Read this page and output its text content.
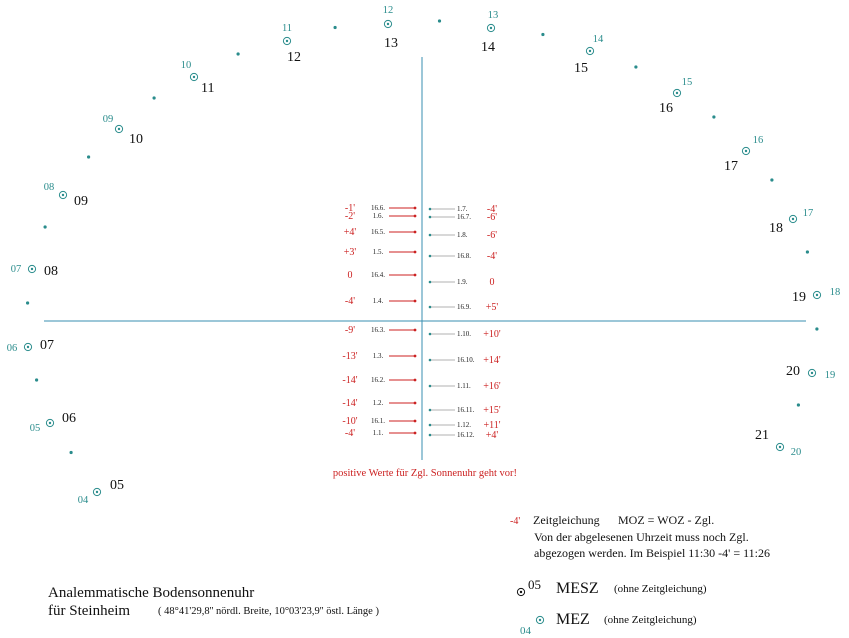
05
04
06
05
07
06
08
07
09
08
10
09
11
10
12
11
13
12
14
13
15
14
16
15
17
16
18
17
19 18
20 19
21
20
-1' 16.6.
-2'	1.6.
+4' 16.5.
+3' 1.5.
0	16.4.
-4'	1.4.
-9' 16.3.
-13' 1.3.
-14' 16.2.
-14' 1.2.
-10' 16.1.
-4'	1.1.
1.7. -4'
16.7. -6'
1.8. -6'
16.8. -4'
1.9. 0
16.9. +5'
1.10. +10'
16.10. +14'
1.11. +16'
16.11. +15'
1.12. +11'
16.12. +4'
positive Werte für Zgl. Sonnenuhr geht vor!
-4' Zeitgleichung MOZ = WOZ - Zgl.
Von der abgelesenen Uhrzeit muss noch Zgl.
abgezogen werden. Im Beispiel 11:30 -4' = 11:26
05 MESZ (ohne Zeitgleichung)
04
MEZ (ohne Zeitgleichung)
Analemmatische Bodensonnenuhr
für Steinheim	( 48°41'29,8'' nördl. Breite, 10°03'23,9'' östl. Länge )
